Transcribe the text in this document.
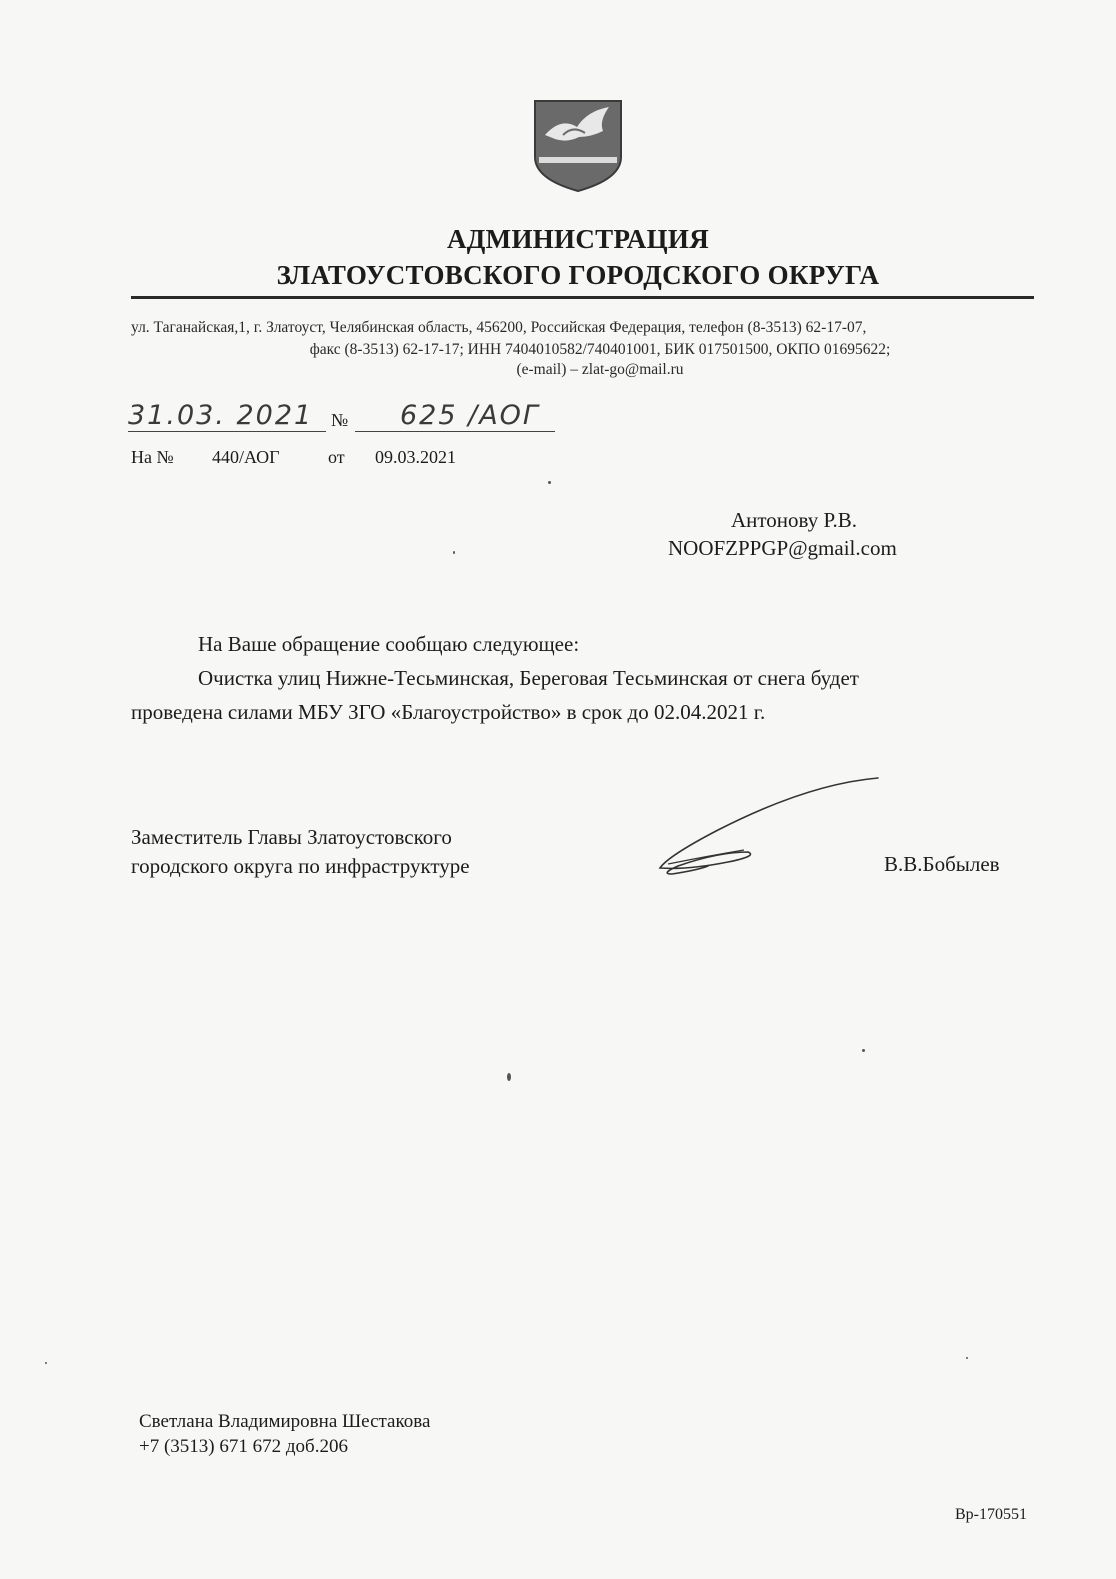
АДМИНИСТРАЦИЯ
ЗЛАТОУСТОВСКОГО ГОРОДСКОГО ОКРУГА
ул. Таганайская,1, г. Златоуст, Челябинская область, 456200, Российская Федерация, телефон (8-3513) 62-17-07,
факс (8-3513) 62-17-17; ИНН 7404010582/740401001, БИК 017501500, ОКПО 01695622;
(e-mail) – zlat-go@mail.ru
31.03. 2021 № 625 /АОГ
На № 440/АОГ	от 09.03.2021
Антонову Р.В.
NOOFZPPGP@gmail.com
На Ваше обращение сообщаю следующее:
Очистка улиц Нижне-Тесьминская, Береговая Тесьминская от снега будет
проведена силами МБУ ЗГО «Благоустройство» в срок до 02.04.2021 г.
Заместитель Главы Златоустовского
городского округа по инфраструктуре	В.В.Бобылев
Светлана Владимировна Шестакова
+7 (3513) 671 672 доб.206
Вр-170551
